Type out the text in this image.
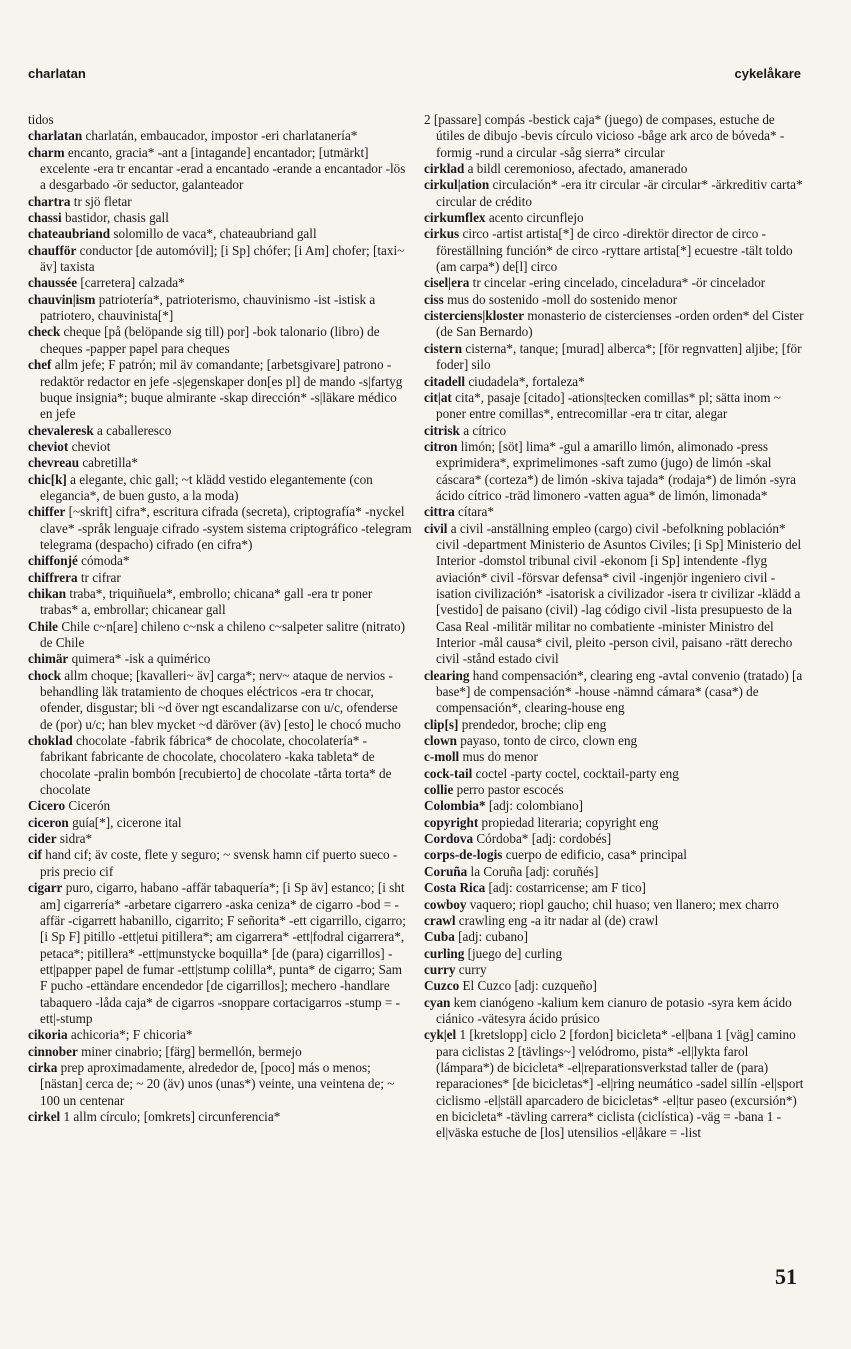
charlatan	cykelåkare

tidos

charlatan charlatán, embaucador, impostor -eri charlatanería*

charm encanto, gracia* -ant a [intagande] encantador; [utmärkt] excelente -era tr encantar -erad a encantado -erande a encantador -lös a desgarbado -ör seductor, galanteador

chartra tr sjö fletar

chassi bastidor, chasis gall

chateaubriand solomillo de vaca*, chateaubriand gall

chaufför conductor [de automóvil]; [i Sp] chófer; [i Am] chofer; [taxi~ äv] taxista

chaussée [carretera] calzada*

chauvin|ism patriotería*, patrioterismo, chauvinismo -ist -istisk a patriotero, chauvinista[*]

check cheque [på (belöpande sig till) por] -bok talonario (libro) de cheques -papper papel para cheques

chef allm jefe; F patrón; mil äv comandante; [arbetsgivare] patrono -redaktör redactor en jefe -s|egenskaper don[es pl] de mando -s|fartyg buque insignia*; buque almirante -skap dirección* -s|läkare médico en jefe

chevaleresk a caballeresco

cheviot cheviot

chevreau cabretilla*

chic[k] a elegante, chic gall; ~t klädd vestido elegantemente (con elegancia*, de buen gusto, a la moda)

chiffer [~skrift] cifra*, escritura cifrada (secreta), criptografía* -nyckel clave* -språk lenguaje cifrado -system sistema criptográfico -telegram telegrama (despacho) cifrado (en cifra*)

chiffonjé cómoda*

chiffrera tr cifrar

chikan traba*, triquiñuela*, embrollo; chicana* gall -era tr poner trabas* a, embrollar; chicanear gall

Chile Chile c~n[are] chileno c~nsk a chileno c~salpeter salitre (nitrato) de Chile

chimär quimera* -isk a quimérico

chock allm choque; [kavalleri~ äv] carga*; nerv~ ataque de nervios -behandling läk tratamiento de choques eléctricos -era tr chocar, ofender, disgustar; bli ~d över ngt escandalizarse con u/c, ofenderse de (por) u/c; han blev mycket ~d däröver (äv) [esto] le chocó mucho

choklad chocolate -fabrik fábrica* de chocolate, chocolatería* -fabrikant fabricante de chocolate, chocolatero -kaka tableta* de chocolate -pralin bombón [recubierto] de chocolate -tårta torta* de chocolate

Cicero Cicerón

ciceron guía[*], cicerone ital

cider sidra*

cif hand cif; äv coste, flete y seguro; ~ svensk hamn cif puerto sueco -pris precio cif

cigarr puro, cigarro, habano -affär tabaquería*; [i Sp äv] estanco; [i sht am] cigarrería* -arbetare cigarrero -aska ceniza* de cigarro -bod = -affär -cigarrett habanillo, cigarrito; F señorita* -ett cigarrillo, cigarro; [i Sp F] pitillo -ett|etui pitillera*; am cigarrera* -ett|fodral cigarrera*, petaca*; pitillera* -ett|munstycke boquilla* [de (para) cigarrillos] -ett|papper papel de fumar -ett|stump colilla*, punta* de cigarro; Sam F pucho -ettändare encendedor [de cigarrillos]; mechero -handlare tabaquero -låda caja* de cigarros -snoppare cortacigarros -stump = -ett|-stump

cikoria achicoria*; F chicoria*

cinnober miner cinabrio; [färg] bermellón, bermejo

cirka prep aproximadamente, alrededor de, [poco] más o menos; [nästan] cerca de; ~ 20 (äv) unos (unas*) veinte, una veintena de; ~ 100 un centenar

cirkel 1 allm círculo; [omkrets] circunferencia*

2 [passare] compás -bestick caja* (juego) de compases, estuche de útiles de dibujo -bevis círculo vicioso -båge ark arco de bóveda* -formig -rund a circular -såg sierra* circular

cirklad a bildl ceremonioso, afectado, amanerado

cirkul|ation circulación* -era itr circular -är circular* -ärkreditiv carta* circular de crédito

cirkumflex acento circunflejo

cirkus circo -artist artista[*] de circo -direktör director de circo -föreställning función* de circo -ryttare artista[*] ecuestre -tält toldo (am carpa*) de[l] circo

cisel|era tr cincelar -ering cincelado, cinceladura* -ör cincelador

ciss mus do sostenido -moll do sostenido menor

cisterciens|kloster monasterio de cistercienses -orden orden* del Cister (de San Bernardo)

cistern cisterna*, tanque; [murad] alberca*; [för regnvatten] aljibe; [för foder] silo

citadell ciudadela*, fortaleza*

cit|at cita*, pasaje [citado] -ations|tecken comillas* pl; sätta inom ~ poner entre comillas*, entrecomillar -era tr citar, alegar

citrisk a cítrico

citron limón; [söt] lima* -gul a amarillo limón, alimonado -press exprimidera*, exprimelimones -saft zumo (jugo) de limón -skal cáscara* (corteza*) de limón -skiva tajada* (rodaja*) de limón -syra ácido cítrico -träd limonero -vatten agua* de limón, limonada*

cittra cítara*

civil a civil -anställning empleo (cargo) civil -befolkning población* civil -department Ministerio de Asuntos Civiles; [i Sp] Ministerio del Interior -domstol tribunal civil -ekonom [i Sp] intendente -flyg aviación* civil -försvar defensa* civil -ingenjör ingeniero civil -isation civilización* -isatorisk a civilizador -isera tr civilizar -klädd a [vestido] de paisano (civil) -lag código civil -lista presupuesto de la Casa Real -militär militar no combatiente -minister Ministro del Interior -mål causa* civil, pleito -person civil, paisano -rätt derecho civil -stånd estado civil

clearing hand compensación*, clearing eng -avtal convenio (tratado) [a base*] de compensación* -house -nämnd cámara* (casa*) de compensación*, clearing-house eng

clip[s] prendedor, broche; clip eng

clown payaso, tonto de circo, clown eng

c-moll mus do menor

cock-tail coctel -party coctel, cocktail-party eng

collie perro pastor escocés

Colombia* [adj: colombiano]

copyright propiedad literaria; copyright eng

Cordova Córdoba* [adj: cordobés]

corps-de-logis cuerpo de edificio, casa* principal

Coruña la Coruña [adj: coruñés]

Costa Rica [adj: costarricense; am F tico]

cowboy vaquero; riopl gaucho; chil huaso; ven llanero; mex charro

crawl crawling eng -a itr nadar al (de) crawl

Cuba [adj: cubano]

curling [juego de] curling

curry curry

Cuzco El Cuzco [adj: cuzqueño]

cyan kem cianógeno -kalium kem cianuro de potasio -syra kem ácido ciánico -vätesyra ácido prúsico

cyk|el 1 [kretslopp] ciclo 2 [fordon] bicicleta* -el|bana 1 [väg] camino para ciclistas 2 [tävlings~] velódromo, pista* -el|lykta farol (lámpara*) de bicicleta* -el|reparationsverkstad taller de (para) reparaciones* [de bicicletas*] -el|ring neumático -sadel sillín -el|sport ciclismo -el|ställ aparcadero de bicicletas* -el|tur paseo (excursión*) en bicicleta* -tävling carrera* ciclista (ciclística) -väg = -bana 1 -el|väska estuche de [los] utensilios -el|åkare = -list

51
